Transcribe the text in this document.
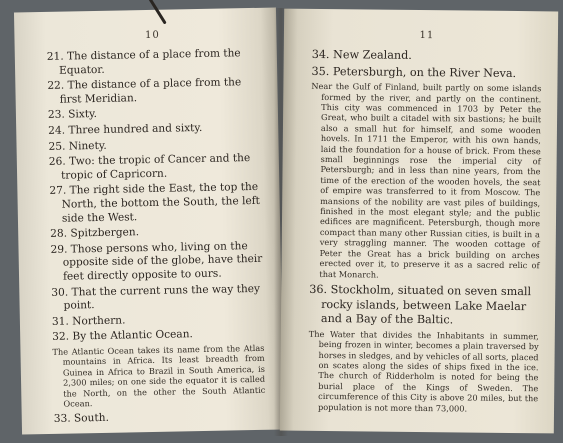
10

21. The distance of a place from the Equator.

22. The distance of a place from the first Meridian.

23. Sixty.

24. Three hundred and sixty.

25. Ninety.

26. Two: the tropic of Cancer and the tropic of Capricorn.

27. The right side the East, the top the North, the bottom the South, the left side the West.

28. Spitzbergen.

29. Those persons who, living on the opposite side of the globe, have their feet directly opposite to ours.

30. That the current runs the way they point.

31. Northern.

32. By the Atlantic Ocean.

The Atlantic Ocean takes its name from the Atlas mountains in Africa. Its least breadth from Guinea in Africa to Brazil in South America, is 2,300 miles; on one side the equator it is called the North, on the other the South Atlantic Ocean.

33. South.

11

34. New Zealand.

35. Petersburgh, on the River Neva.

Near the Gulf of Finland, built partly on some islands formed by the river, and partly on the continent. This city was commenced in 1703 by Peter the Great, who built a citadel with six bastions; he built also a small hut for himself, and some wooden hovels. In 1711 the Emperor, with his own hands, laid the foundation for a house of brick. From these small beginnings rose the imperial city of Petersburgh; and in less than nine years, from the time of the erection of the wooden hovels, the seat of empire was transferred to it from Moscow. The mansions of the nobility are vast piles of buildings, finished in the most elegant style; and the public edifices are magnificent. Petersburgh, though more compact than many other Russian cities, is built in a very straggling manner. The wooden cottage of Peter the Great has a brick building on arches erected over it, to preserve it as a sacred relic of that Monarch.

36. Stockholm, situated on seven small rocky islands, between Lake Maelar and a Bay of the Baltic.

The Water that divides the Inhabitants in summer, being frozen in winter, becomes a plain traversed by horses in sledges, and by vehicles of all sorts, placed on scates along the sides of ships fixed in the ice. The church of Ridderholm is noted for being the burial place of the Kings of Sweden. The circumference of this City is above 20 miles, but the population is not more than 73,000.
